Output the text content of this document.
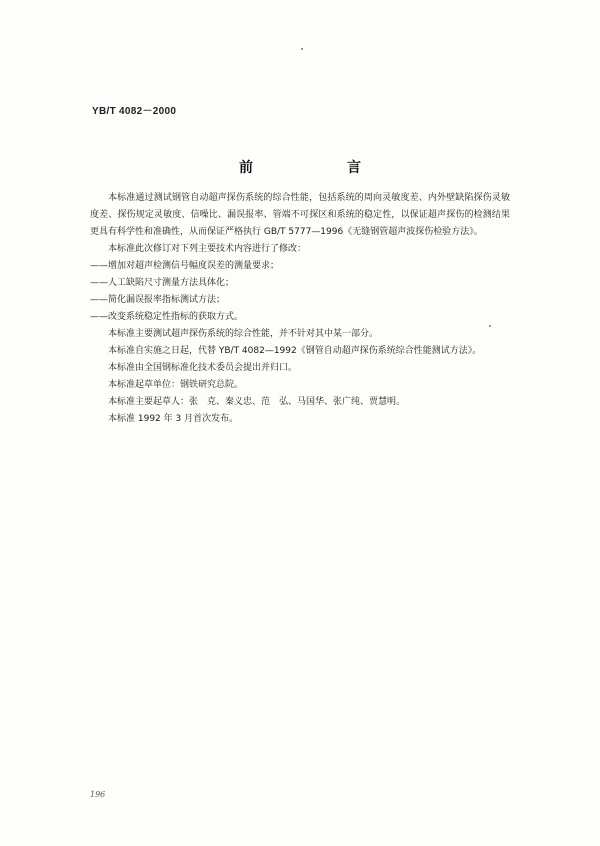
YB/T 4082－2000
前　言

本标准通过测试钢管自动超声探伤系统的综合性能，包括系统的周向灵敏度差、内外壁缺陷探伤灵敏度差、探伤规定灵敏度、信噪比、漏误报率、管端不可探区和系统的稳定性，以保证超声探伤的检测结果更具有科学性和准确性，从而保证严格执行 GB/T 5777—1996《无缝钢管超声波探伤检验方法》。

本标准此次修订对下列主要技术内容进行了修改：

——增加对超声检测信号幅度误差的测量要求；

——人工缺陷尺寸测量方法具体化；

——简化漏误报率指标测试方法；

——改变系统稳定性指标的获取方式。

本标准主要测试超声探伤系统的综合性能，并不针对其中某一部分。

本标准自实施之日起，代替 YB/T 4082—1992《钢管自动超声探伤系统综合性能测试方法》。

本标准由全国钢标准化技术委员会提出并归口。

本标准起草单位：钢铁研究总院。

本标准主要起草人：张　克、秦义忠、范　弘、马国华、张广纯、贾慧明。

本标准 1992 年 3 月首次发布。

196
